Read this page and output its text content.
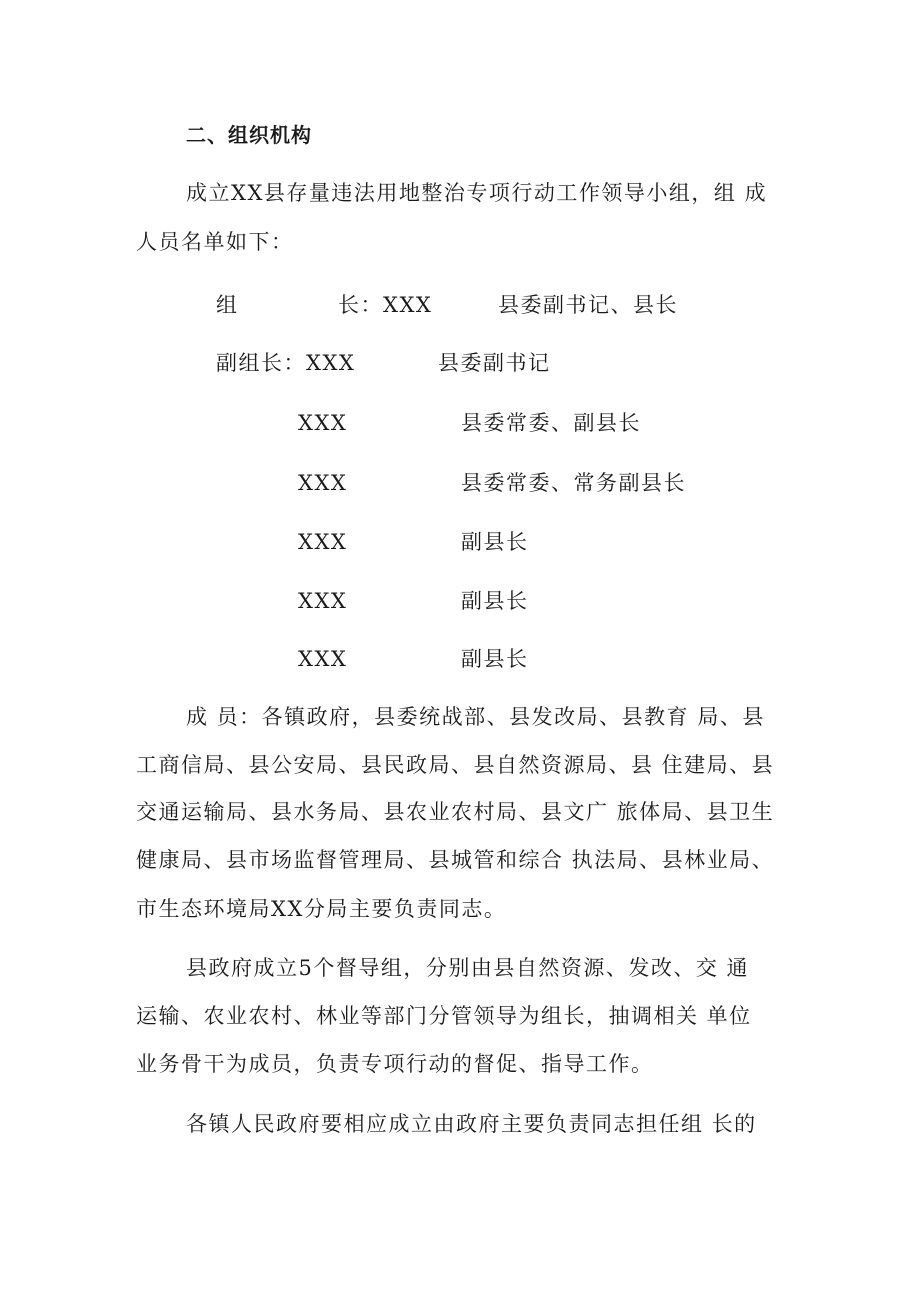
二、组织机构
成立XX县存量违法用地整治专项行动工作领导小组，组 成
人员名单如下：
组	长：XXX	县委副书记、县长
副组长：XXX	县委副书记
XXX	县委常委、副县长
XXX	县委常委、常务副县长
XXX	副县长
XXX	副县长
XXX	副县长
成 员：各镇政府，县委统战部、县发改局、县教育 局、县
工商信局、县公安局、县民政局、县自然资源局、县 住建局、县
交通运输局、县水务局、县农业农村局、县文广 旅体局、县卫生
健康局、县市场监督管理局、县城管和综合 执法局、县林业局、
市生态环境局XX分局主要负责同志。
县政府成立5个督导组，分别由县自然资源、发改、交 通
运输、农业农村、林业等部门分管领导为组长，抽调相关 单位
业务骨干为成员，负责专项行动的督促、指导工作。
各镇人民政府要相应成立由政府主要负责同志担任组 长的
